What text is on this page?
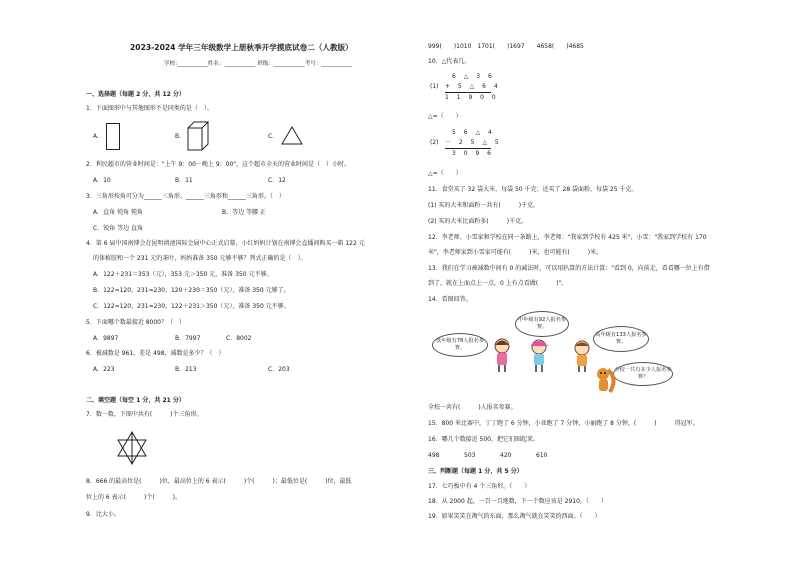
2023-2024 学年三年级数学上册秋季开学摸底试卷二（人教版）
学校:___________姓名：___________ 班级：___________考号：___________
一、选择题（每题 2 分，共 12 分）
1．下面图形中与其他图形不是同类的是（　）。
A．	B．	C．
2．利民超市的营业时间是："上午 9：00－晚上 9：00"，这个超市全天的营业时间是（　）小时。
A．10	B．11	C．12
3．三角形按角可分为______三角形、______三角形和______三角形。（　）
A．直角 钝角 钝角	B．等边 等腰 正
C．锐角 等边 直角
4．第 6 届中国南博会在昆明滇池国际会展中心正式启幕，小红妈妈计划在南博会直播间购买一箱 122 元
的体植胶和一个 231 元的茶叶，妈妈准备 350 元够不够？列式正确的是（　）。
A．122＋231＝353（元），353 元＞350 元，准备 350 元不够。
B．122≈120，231≈230，120＋230＝350（元），准备 350 元够了。
C．122≈120，231≈230，122＋231＞350（元），准备 350 元不够。
5．下面哪个数最接近 8000？（　）
A．9897	B．7997	C．8002
6．被减数是 961，差是 498，减数是多少？（　）
A．223	B．213	C．203
二、填空题（每空 1 分，共 21 分）
7．数一数，下图中共有(　　　)个三角形。
8．666 的最高位是(　　　)位，最高位上的 6 表示(　　　)个(　　　)；最低位是(　　　)位，最低
位上的 6 表示(　　　)个(　　　)。
9．比大小。
999(　　)1010　1701(　　)1697　　4658(　　)4685
10．△代表几。
6 △ 3 6
(1) + 5 △ 6 4
1 1 9 0 0
△=（　　）
5 6 △ 4
(2) － 2 5 △ 5
3 0 9 6
△=（　　）
11．食堂买了 32 袋大米，每袋 50 千克；还买了 28 袋面粉，每袋 25 千克。
(1) 买的大米和面粉一共有(　　　)千克。
(2) 买的大米比面粉多(　　　)千克。
12．李老师、小雪家和学校在同一条路上，李老师："我家到学校有 425 米"，小雪："我家到学校有 170
米"，李老师家到小雪家可能有(　　　)米，也可能有(　　　)米。
13．我们在学习被减数中间有 0 的减法时，可以用扒算的方法计算："看到 0，向前走，看看哪一位上有借
到了，就在上面点上一点，0 上有点看做(　　　)"。
14．看图回答。
中年级有92人报名参赛。
低年级有78人报名参赛。
高年级有133人报名参赛。
全校一共有多少人报名参赛？
全校一共有(　　　)人报名参赛。
15．800 米比赛中，丁丁跑了 6 分钟，小亚跑了 7 分钟，小丽跑了 8 分钟，(　　　)　　　得冠军。
16．哪几个数接近 500，把它们圈起来。
498	503	420	610
三、判断题（每题 1 分，共 5 分）
17．七巧板中有 4 个三角形。（　　）
18．从 2000 起，一百一百地数，下一个数应该是 2910。（　　）
19．如果笑笑在淘气的东面，那么淘气就在笑笑的西面。（　　）
